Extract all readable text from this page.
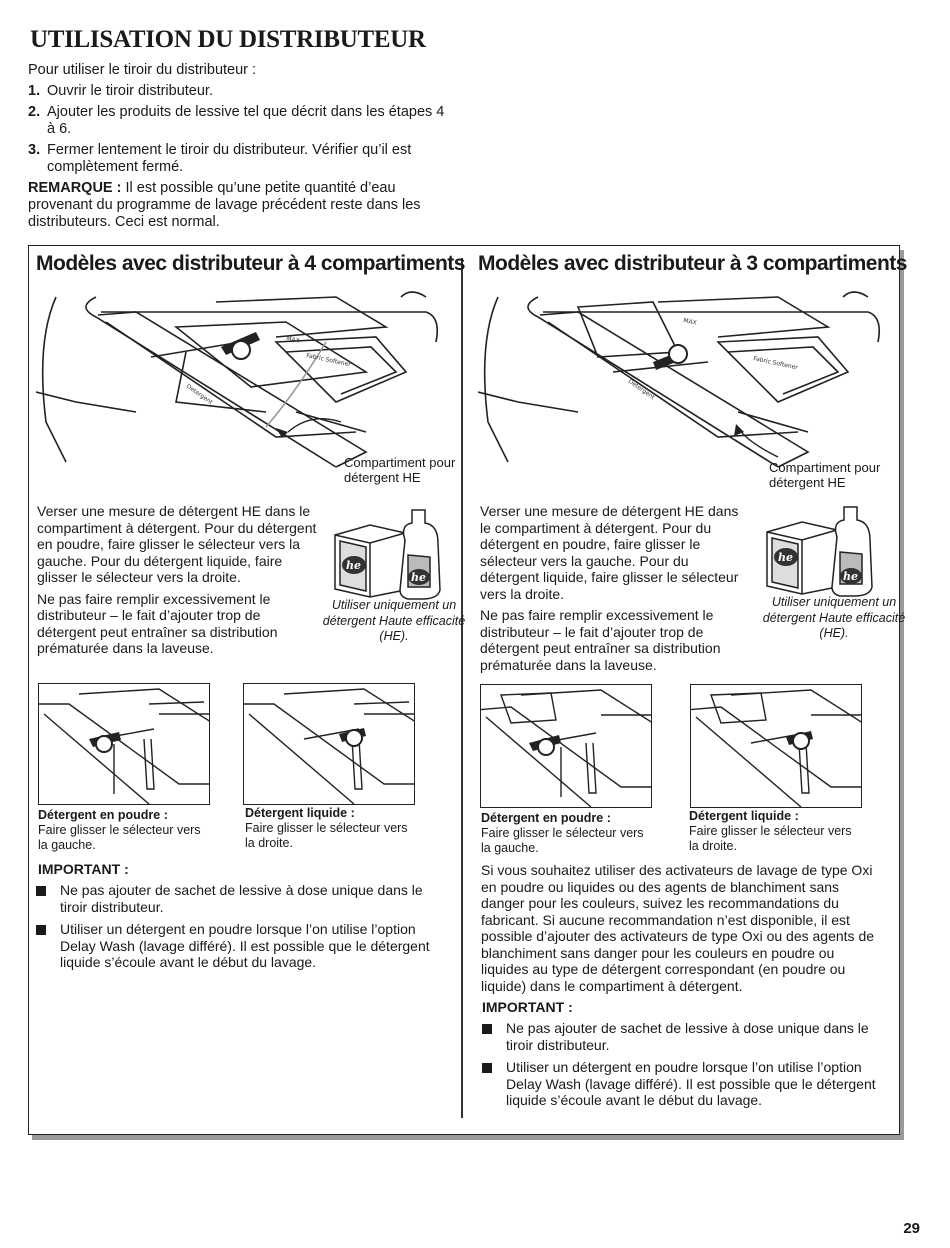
UTILISATION DU DISTRIBUTEUR

Pour utiliser le tiroir du distributeur :

1. Ouvrir le tiroir distributeur.
2. Ajouter les produits de lessive tel que décrit dans les étapes 4 à 6.
3. Fermer lentement le tiroir du distributeur. Vérifier qu’il est complètement fermé.

REMARQUE : Il est possible qu’une petite quantité d’eau provenant du programme de lavage précédent reste dans les distributeurs. Ceci est normal.

Modèles avec distributeur à 4 compartiments
MAX
Fabric Softener
Detergent
Compartiment pour détergent HE

Verser une mesure de détergent HE dans le compartiment à détergent. Pour du détergent en poudre, faire glisser le sélecteur vers la gauche. Pour du détergent liquide, faire glisser le sélecteur vers la droite.

Ne pas faire remplir excessivement le distributeur – le fait d’ajouter trop de détergent peut entraîner sa distribution prématurée dans la laveuse.

he
he
Utiliser uniquement un détergent Haute efficacité (HE).
Détergent en poudre :
Faire glisser le sélecteur vers la gauche.
Détergent liquide :
Faire glisser le sélecteur vers la droite.
IMPORTANT :
Ne pas ajouter de sachet de lessive à dose unique dans le tiroir distributeur.
Utiliser un détergent en poudre lorsque l’on utilise l’option Delay Wash (lavage différé). Il est possible que le détergent liquide s’écoule avant le début du lavage.
Modèles avec distributeur à 3 compartiments
MAX
Fabric Softener
Detergent
Compartiment pour détergent HE

Verser une mesure de détergent HE dans le compartiment à détergent. Pour du détergent en poudre, faire glisser le sélecteur vers la gauche. Pour du détergent liquide, faire glisser le sélecteur vers la droite.

Ne pas faire remplir excessivement le distributeur – le fait d’ajouter trop de détergent peut entraîner sa distribution prématurée dans la laveuse.

he
he
Utiliser uniquement un détergent Haute efficacité (HE).
Détergent en poudre :
Faire glisser le sélecteur vers la gauche.
Détergent liquide :
Faire glisser le sélecteur vers la droite.
Si vous souhaitez utiliser des activateurs de lavage de type Oxi en poudre ou liquides ou des agents de blanchiment sans danger pour les couleurs, suivez les recommandations du fabricant. Si aucune recommandation n’est disponible, il est possible d’ajouter des activateurs de type Oxi ou des agents de blanchiment sans danger pour les couleurs en poudre ou liquides au type de détergent correspondant (en poudre ou liquide) dans le compartiment à détergent.
IMPORTANT :
Ne pas ajouter de sachet de lessive à dose unique dans le tiroir distributeur.
Utiliser un détergent en poudre lorsque l’on utilise l’option Delay Wash (lavage différé). Il est possible que le détergent liquide s’écoule avant le début du lavage.
29
